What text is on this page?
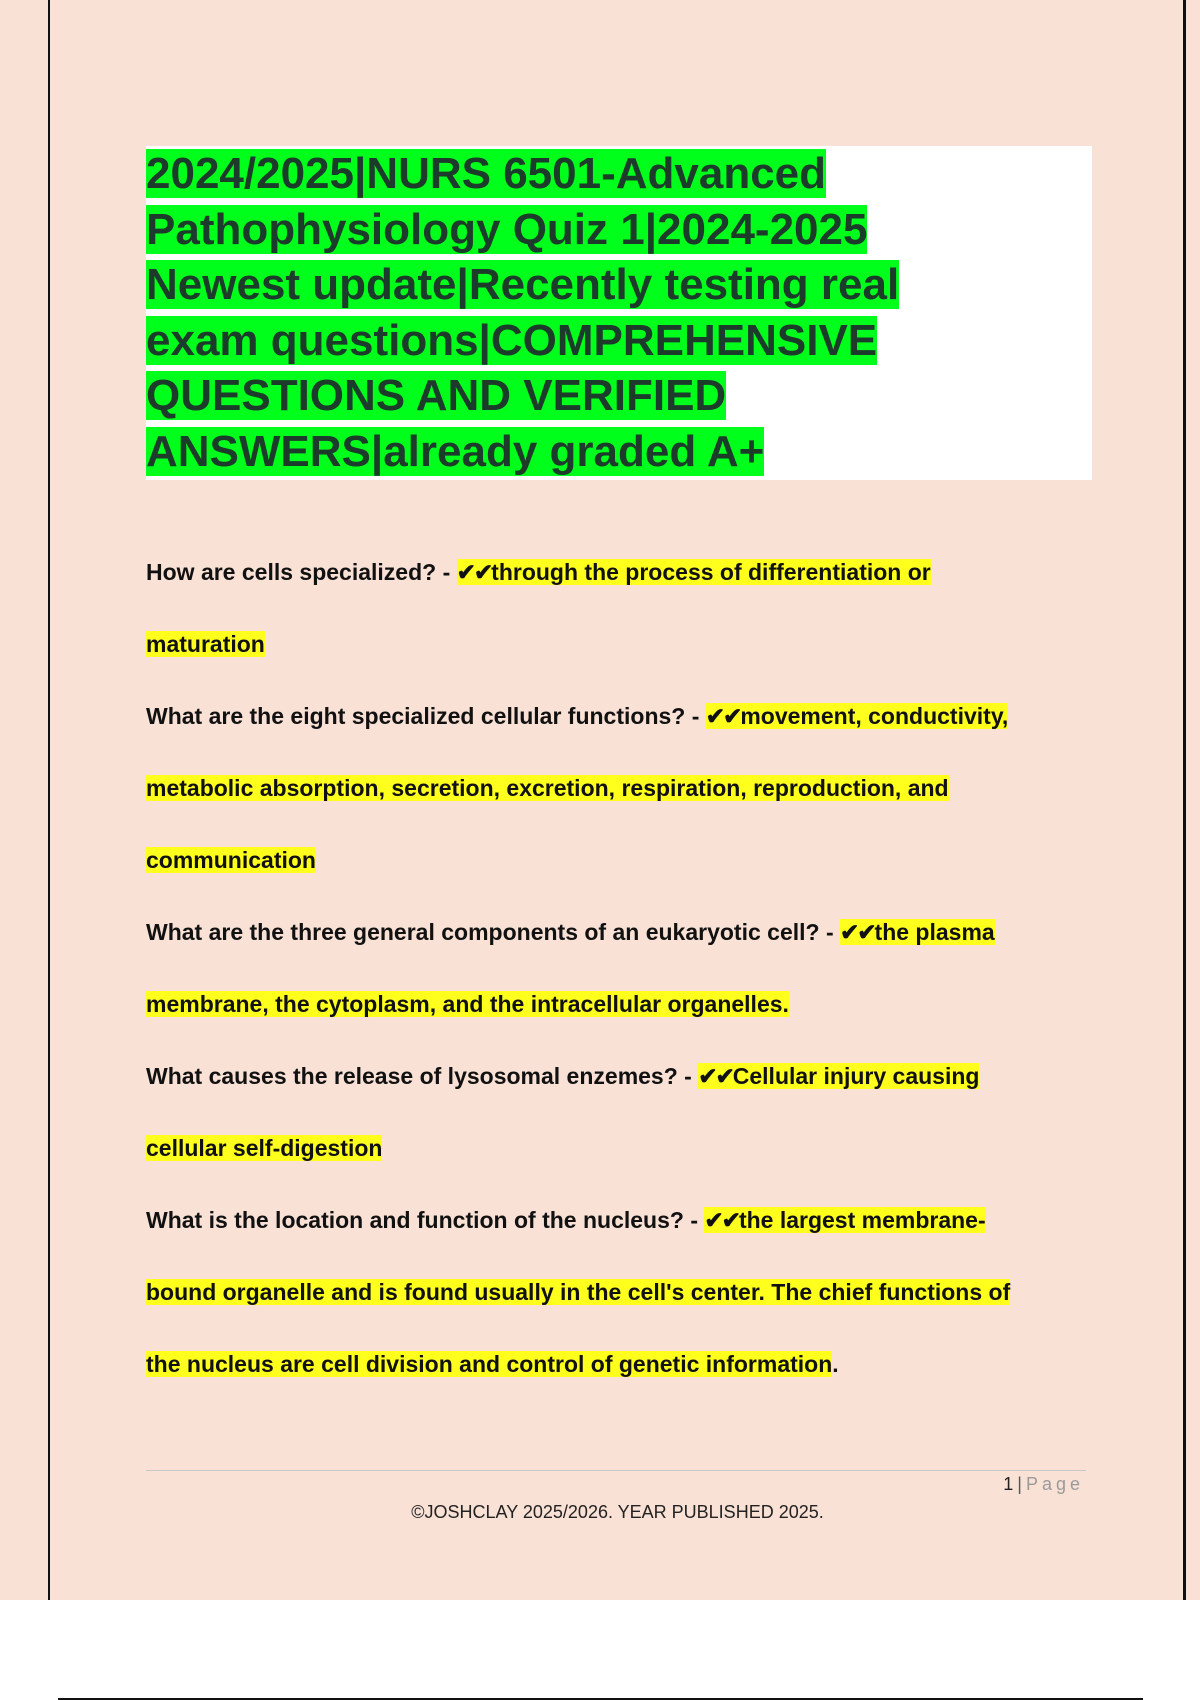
2024/2025|NURS 6501-Advanced
Pathophysiology Quiz 1|2024-2025
Newest update|Recently testing real
exam questions|COMPREHENSIVE
QUESTIONS AND VERIFIED
ANSWERS|already graded A+

How are cells specialized? - ✔✔through the process of differentiation or
maturation

What are the eight specialized cellular functions? - ✔✔movement, conductivity,
metabolic absorption, secretion, excretion, respiration, reproduction, and
communication

What are the three general components of an eukaryotic cell? - ✔✔the plasma
membrane, the cytoplasm, and the intracellular organelles.

What causes the release of lysosomal enzemes? - ✔✔Cellular injury causing
cellular self-digestion

What is the location and function of the nucleus? - ✔✔the largest membrane-
bound organelle and is found usually in the cell's center. The chief functions of
the nucleus are cell division and control of genetic information.

1 | Page
©JOSHCLAY 2025/2026. YEAR PUBLISHED 2025.
